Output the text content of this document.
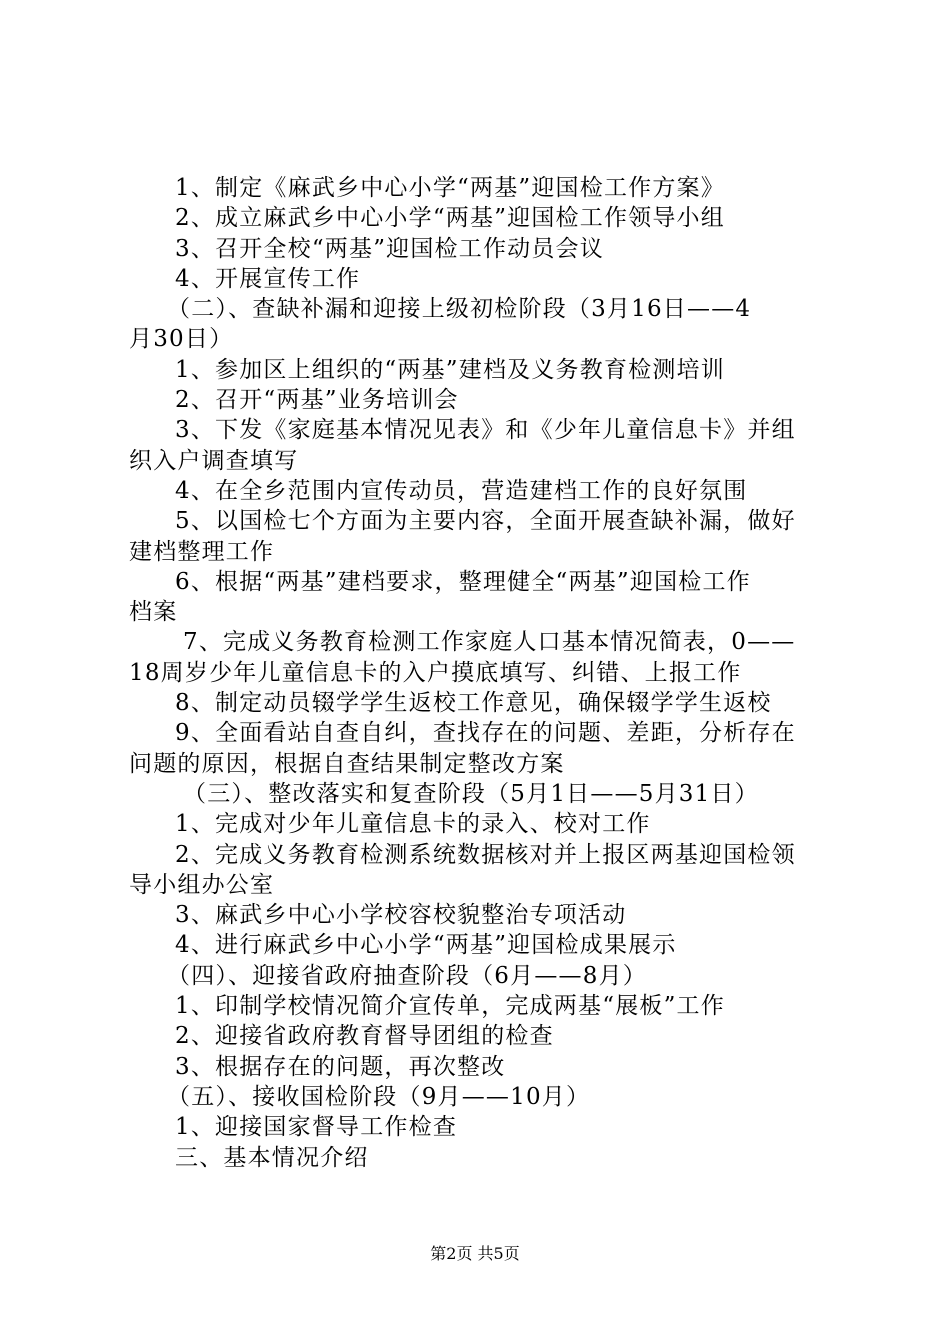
1、制定《麻武乡中心小学“两基”迎国检工作方案》
2、成立麻武乡中心小学“两基”迎国检工作领导小组
3、召开全校“两基”迎国检工作动员会议
4、开展宣传工作
（二）、查缺补漏和迎接上级初检阶段（3月16日——4
月30日）
1、参加区上组织的“两基”建档及义务教育检测培训
2、召开“两基”业务培训会
3、下发《家庭基本情况见表》和《少年儿童信息卡》并组
织入户调查填写
4、在全乡范围内宣传动员，营造建档工作的良好氛围
5、以国检七个方面为主要内容，全面开展查缺补漏，做好
建档整理工作
6、根据“两基”建档要求，整理健全“两基”迎国检工作
档案
7、完成义务教育检测工作家庭人口基本情况简表，0——
18周岁少年儿童信息卡的入户摸底填写、纠错、上报工作
8、制定动员辍学学生返校工作意见，确保辍学学生返校
9、全面看站自查自纠，查找存在的问题、差距，分析存在
问题的原因，根据自查结果制定整改方案
（三）、整改落实和复查阶段（5月1日——5月31日）
1、完成对少年儿童信息卡的录入、校对工作
2、完成义务教育检测系统数据核对并上报区两基迎国检领
导小组办公室
3、麻武乡中心小学校容校貌整治专项活动
4、进行麻武乡中心小学“两基”迎国检成果展示
（四）、迎接省政府抽查阶段（6月——8月）
1、印制学校情况简介宣传单，完成两基“展板”工作
2、迎接省政府教育督导团组的检查
3、根据存在的问题，再次整改
（五）、接收国检阶段（9月——10月）
1、迎接国家督导工作检查
三、基本情况介绍
第2页 共5页
